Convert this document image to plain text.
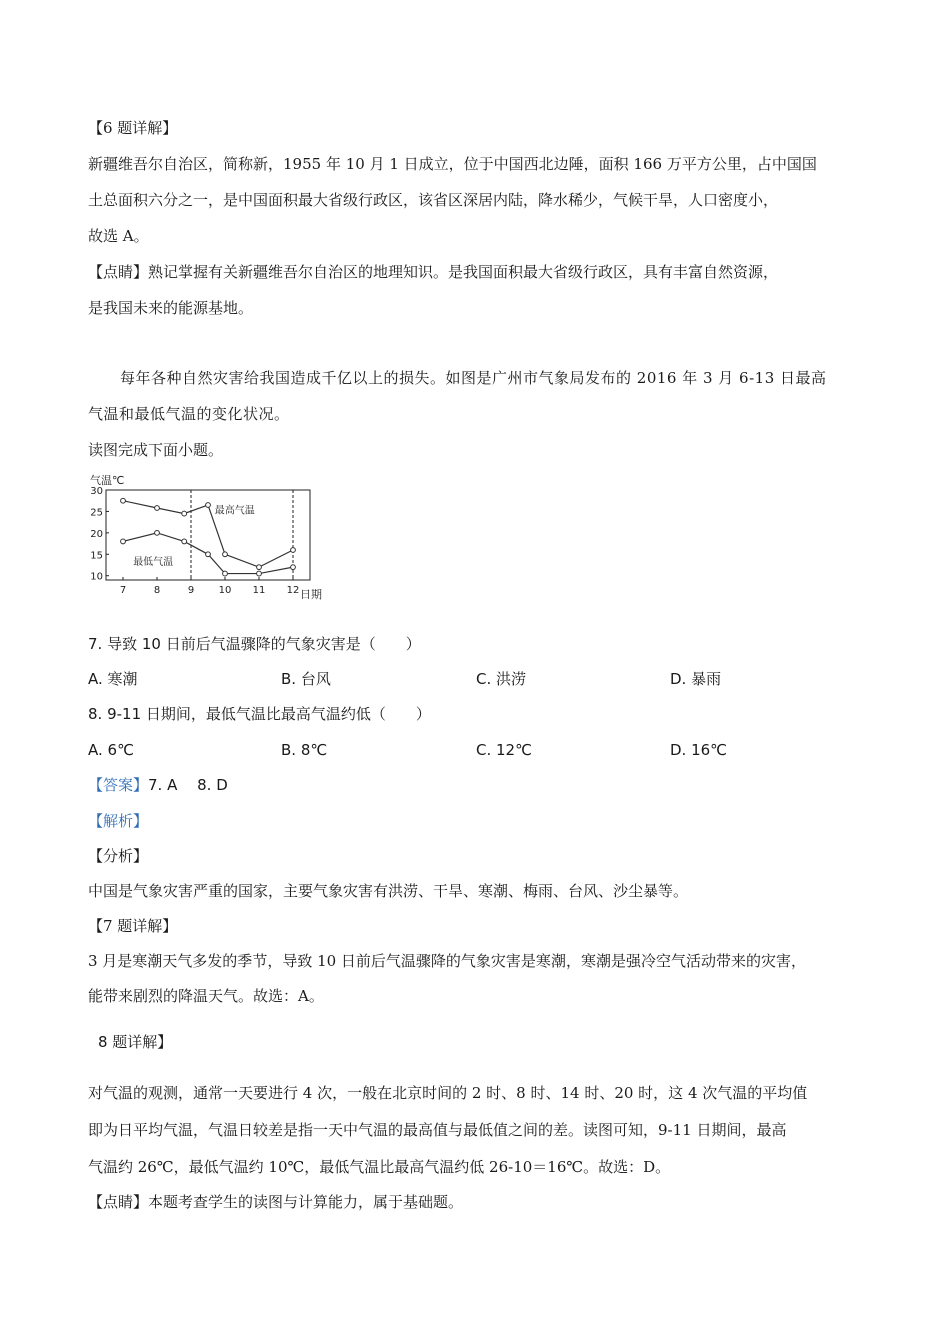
【6 题详解】
新疆维吾尔自治区，简称新，1955 年 10 月 1 日成立，位于中国西北边陲，面积 166 万平方公里，占中国国
土总面积六分之一，是中国面积最大省级行政区，该省区深居内陆，降水稀少，气候干旱，人口密度小，
故选 A。
【点睛】熟记掌握有关新疆维吾尔自治区的地理知识。是我国面积最大省级行政区，具有丰富自然资源，
是我国未来的能源基地。
每年各种自然灾害给我国造成千亿以上的损失。如图是广州市气象局发布的 2016 年 3 月 6-13 日最高
气温和最低气温的变化状况。
读图完成下面小题。
气温℃
日期
30
25
20
15
10
7	8	9 10 11 12
最高气温
最低气温
7. 导致 10 日前后气温骤降的气象灾害是（　　）
A. 寒潮	B. 台风	C. 洪涝	D. 暴雨
8. 9-11 日期间，最低气温比最高气温约低（　　）
A. 6℃	B. 8℃	C. 12℃	D. 16℃
【答案】7. A　 8. D
【解析】
【分析】
中国是气象灾害严重的国家，主要气象灾害有洪涝、干旱、寒潮、梅雨、台风、沙尘暴等。
【7 题详解】
3 月是寒潮天气多发的季节，导致 10 日前后气温骤降的气象灾害是寒潮，寒潮是强冷空气活动带来的灾害，
能带来剧烈的降温天气。故选：A。
8 题详解】
对气温的观测，通常一天要进行 4 次，一般在北京时间的 2 时、8 时、14 时、20 时，这 4 次气温的平均值
即为日平均气温，气温日较差是指一天中气温的最高值与最低值之间的差。读图可知，9-11 日期间，最高
气温约 26℃，最低气温约 10℃，最低气温比最高气温约低 26-10＝16℃。故选：D。
【点睛】本题考查学生的读图与计算能力，属于基础题。
